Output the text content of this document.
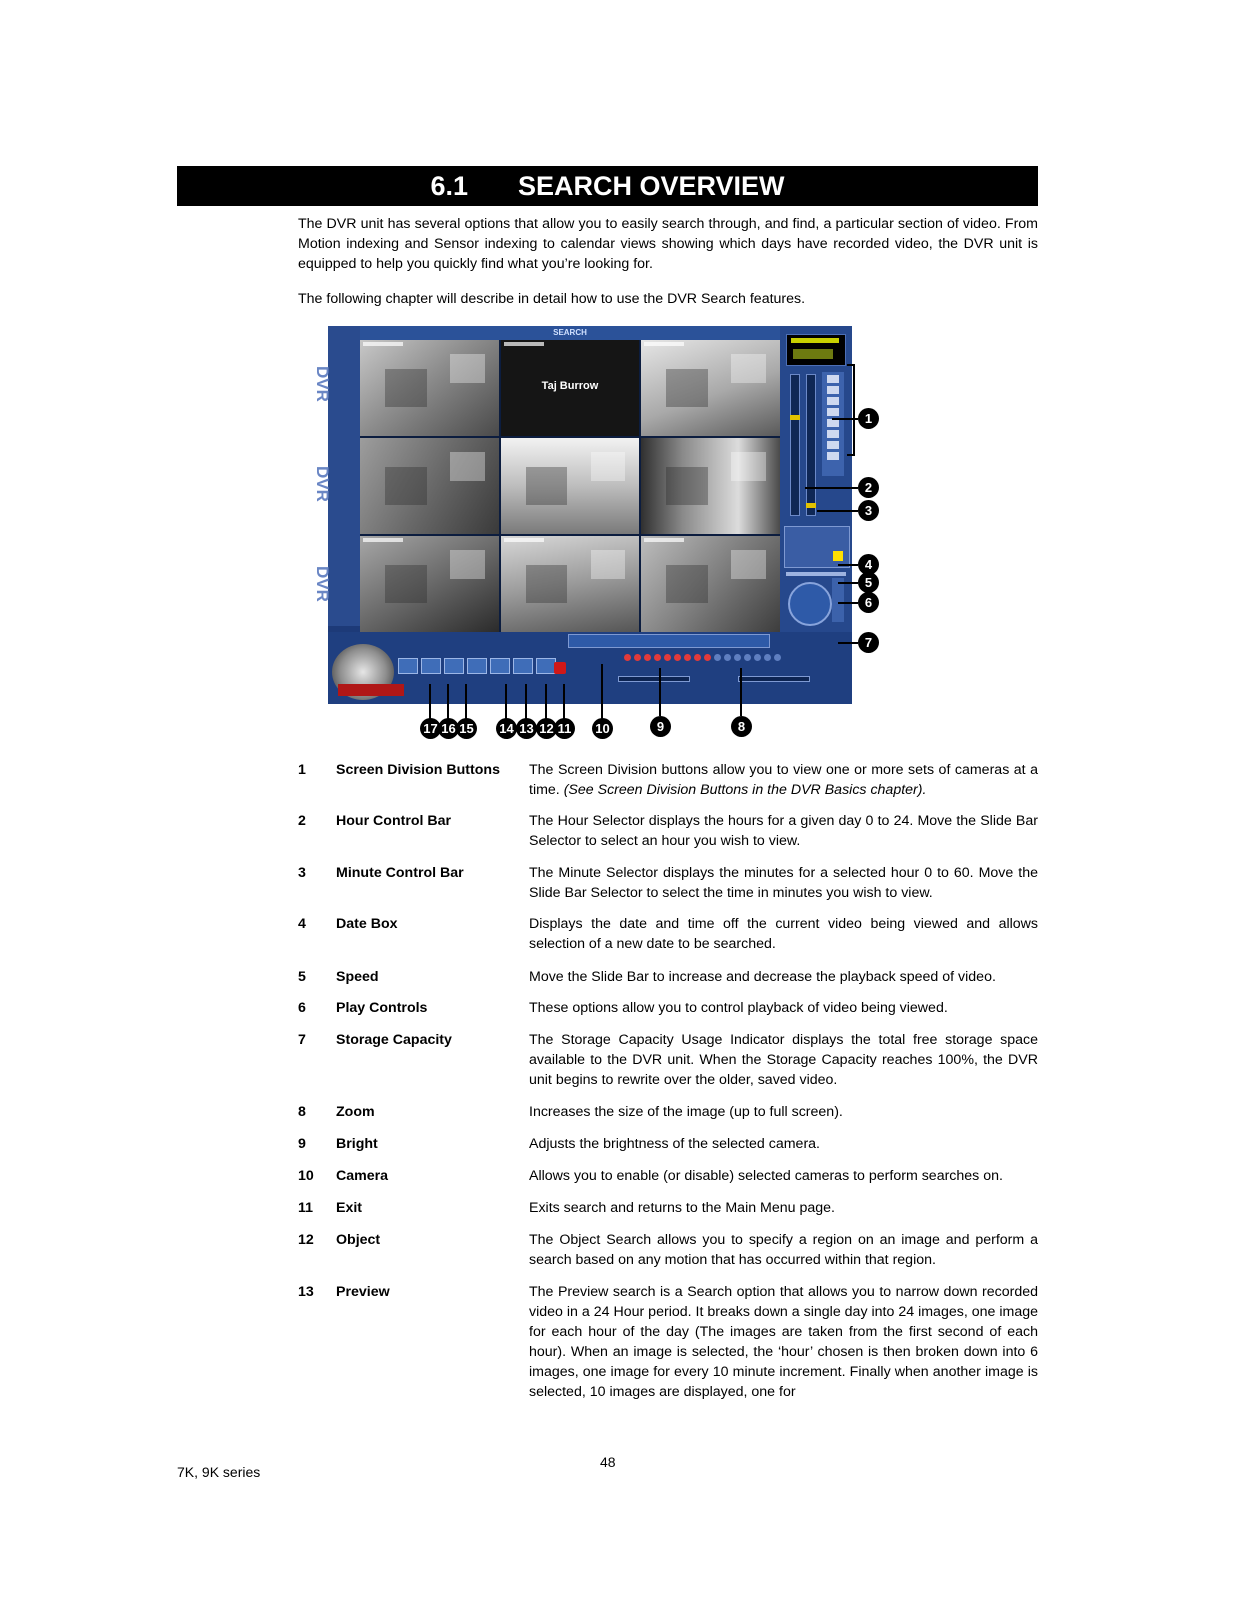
6.1 SEARCH OVERVIEW
The DVR unit has several options that allow you to easily search through, and find, a particular section of video. From Motion indexing and Sensor indexing to calendar views showing which days have recorded video, the DVR unit is equipped to help you quickly find what you’re looking for.
The following chapter will describe in detail how to use the DVR Search features.
DVR
DVR
DVR
SEARCH
Taj Burrow
1
2
3
4
5
6
7
17 16 15 14 13 12 11 10	9	8
1	Screen Division Buttons	The Screen Division buttons allow you to view one or more sets of cameras at a time. (See Screen Division Buttons in the DVR Basics chapter).
2	Hour Control Bar	The Hour Selector displays the hours for a given day 0 to 24. Move the Slide Bar Selector to select an hour you wish to view.
3	Minute Control Bar	The Minute Selector displays the minutes for a selected hour 0 to 60. Move the Slide Bar Selector to select the time in minutes you wish to view.
4	Date Box	Displays the date and time off the current video being viewed and allows selection of a new date to be searched.
5	Speed	Move the Slide Bar to increase and decrease the playback speed of video.
6	Play Controls	These options allow you to control playback of video being viewed.
7	Storage Capacity	The Storage Capacity Usage Indicator displays the total free storage space available to the DVR unit. When the Storage Capacity reaches 100%, the DVR unit begins to rewrite over the older, saved video.
8	Zoom	Increases the size of the image (up to full screen).
9	Bright	Adjusts the brightness of the selected camera.
10	Camera	Allows you to enable (or disable) selected cameras to perform searches on.
11	Exit	Exits search and returns to the Main Menu page.
12	Object	The Object Search allows you to specify a region on an image and perform a search based on any motion that has occurred within that region.
13	Preview	The Preview search is a Search option that allows you to narrow down recorded video in a 24 Hour period. It breaks down a single day into 24 images, one image for each hour of the day (The images are taken from the first second of each hour). When an image is selected, the ‘hour’ chosen is then broken down into 6 images, one image for every 10 minute increment. Finally when another image is selected, 10 images are displayed, one for
48
7K, 9K series
